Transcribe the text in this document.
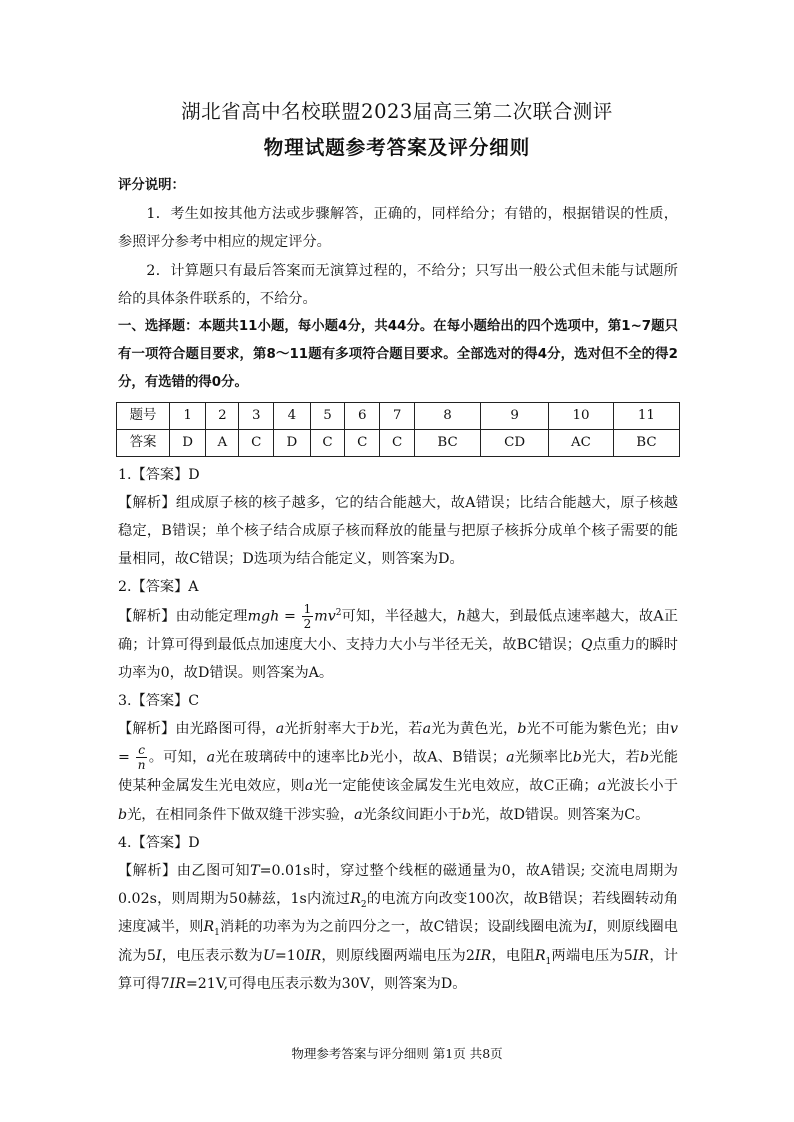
湖北省高中名校联盟2023届高三第二次联合测评
物理试题参考答案及评分细则

评分说明：

1．考生如按其他方法或步骤解答，正确的，同样给分；有错的，根据错误的性质，参照评分参考中相应的规定评分。

2．计算题只有最后答案而无演算过程的，不给分；只写出一般公式但未能与试题所给的具体条件联系的，不给分。

一、选择题：本题共11小题，每小题4分，共44分。在每小题给出的四个选项中，第1~7题只有一项符合题目要求，第8～11题有多项符合题目要求。全部选对的得4分，选对但不全的得2分，有选错的得0分。

题号	1	2	3	4	5	6	7	8	9	10	11
答案	D	A	C	D	C	C	C	BC	CD	AC	BC

1.【答案】D

【解析】组成原子核的核子越多，它的结合能越大，故A错误；比结合能越大，原子核越稳定，B错误；单个核子结合成原子核而释放的能量与把原子核拆分成单个核子需要的能量相同，故C错误；D选项为结合能定义，则答案为D。

2.【答案】A

【解析】由动能定理mgh = $\frac{1}{2} mv^2$可知，半径越大，h越大，到最低点速率越大，故A正确；计算可得到最低点加速度大小、支持力大小与半径无关，故BC错误；Q点重力的瞬时功率为0，故D错误。则答案为A。

3.【答案】C

【解析】由光路图可得，a光折射率大于b光，若a光为黄色光，b光不可能为紫色光；由$v = \frac{c}{n}$ 。可知，a光在玻璃砖中的速率比b光小，故A、B错误；a光频率比b光大，若b光能使某种金属发生光电效应，则a光一定能使该金属发生光电效应，故C正确；a光波长小于b光，在相同条件下做双缝干涉实验，a光条纹间距小于b光，故D错误。则答案为C。

4.【答案】D

【解析】由乙图可知T=0.01s时，穿过整个线框的磁通量为0，故A错误; 交流电周期为0.02s，则周期为50赫兹，1s内流过$R_2$的电流方向改变100次，故B错误；若线圈转动角速度减半，则$R_1$消耗的功率为为之前四分之一，故C错误；设副线圈电流为I，则原线圈电流为5I，电压表示数为U=10IR，则原线圈两端电压为2IR，电阻$R_1$两端电压为5IR，计算可得7IR=21V,可得电压表示数为30V，则答案为D。

物理参考答案与评分细则 第1页 共8页
